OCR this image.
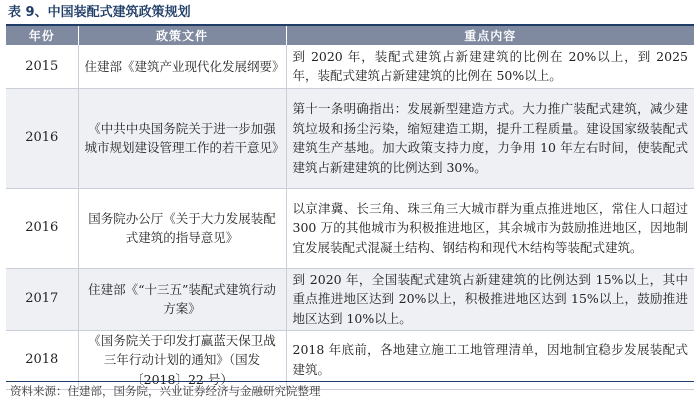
表 9、中国装配式建筑政策规划
年份	政策文件	重点内容
2015	住建部《建筑产业现代化发展纲要》	到 2020 年，装配式建筑占新建建筑的比例在 20%以上，到 2025 年，装配式建筑占新建建筑的比例在 50%以上。
2016	《中共中央国务院关于进一步加强城市规划建设管理工作的若干意见》	第十一条明确指出：发展新型建造方式。大力推广装配式建筑，减少建筑垃圾和扬尘污染，缩短建造工期，提升工程质量。建设国家级装配式建筑生产基地。加大政策支持力度，力争用 10 年左右时间，使装配式建筑占新建建筑的比例达到 30%。
2016	国务院办公厅《关于大力发展装配式建筑的指导意见》	以京津冀、长三角、珠三角三大城市群为重点推进地区，常住人口超过 300 万的其他城市为积极推进地区，其余城市为鼓励推进地区，因地制宜发展装配式混凝土结构、钢结构和现代木结构等装配式建筑。
2017	住建部《“十三五”装配式建筑行动方案》	到 2020 年，全国装配式建筑占新建建筑的比例达到 15%以上，其中重点推进地区达到 20%以上，积极推进地区达到 15%以上，鼓励推进地区达到 10%以上。
2018	《国务院关于印发打赢蓝天保卫战三年行动计划的通知》（国发〔2018〕22 号）	2018 年底前，各地建立施工工地管理清单，因地制宜稳步发展装配式建筑。
资料来源：住建部，国务院，兴业证券经济与金融研究院整理
